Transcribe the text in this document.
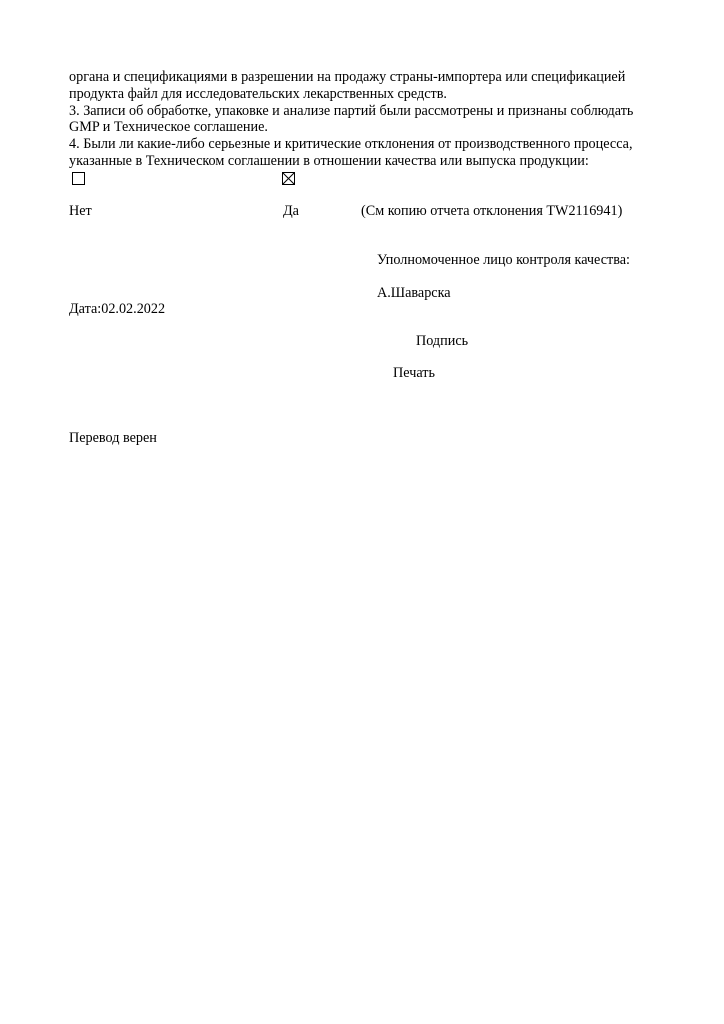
органа и спецификациями в разрешении на продажу страны-импортера или спецификацией
продукта файл для исследовательских лекарственных средств.
3. Записи об обработке, упаковке и анализе партий были рассмотрены и признаны соблюдать
GMP и Техническое соглашение.
4. Были ли какие-либо серьезные и критические отклонения от производственного процесса,
указанные в Техническом соглашении в отношении качества или выпуска продукции:
Нет	Да	(См копию отчета отклонения TW2116941)
Уполномоченное лицо контроля качества:
А.Шаварска
Дата:02.02.2022
Подпись
Печать
Перевод верен
